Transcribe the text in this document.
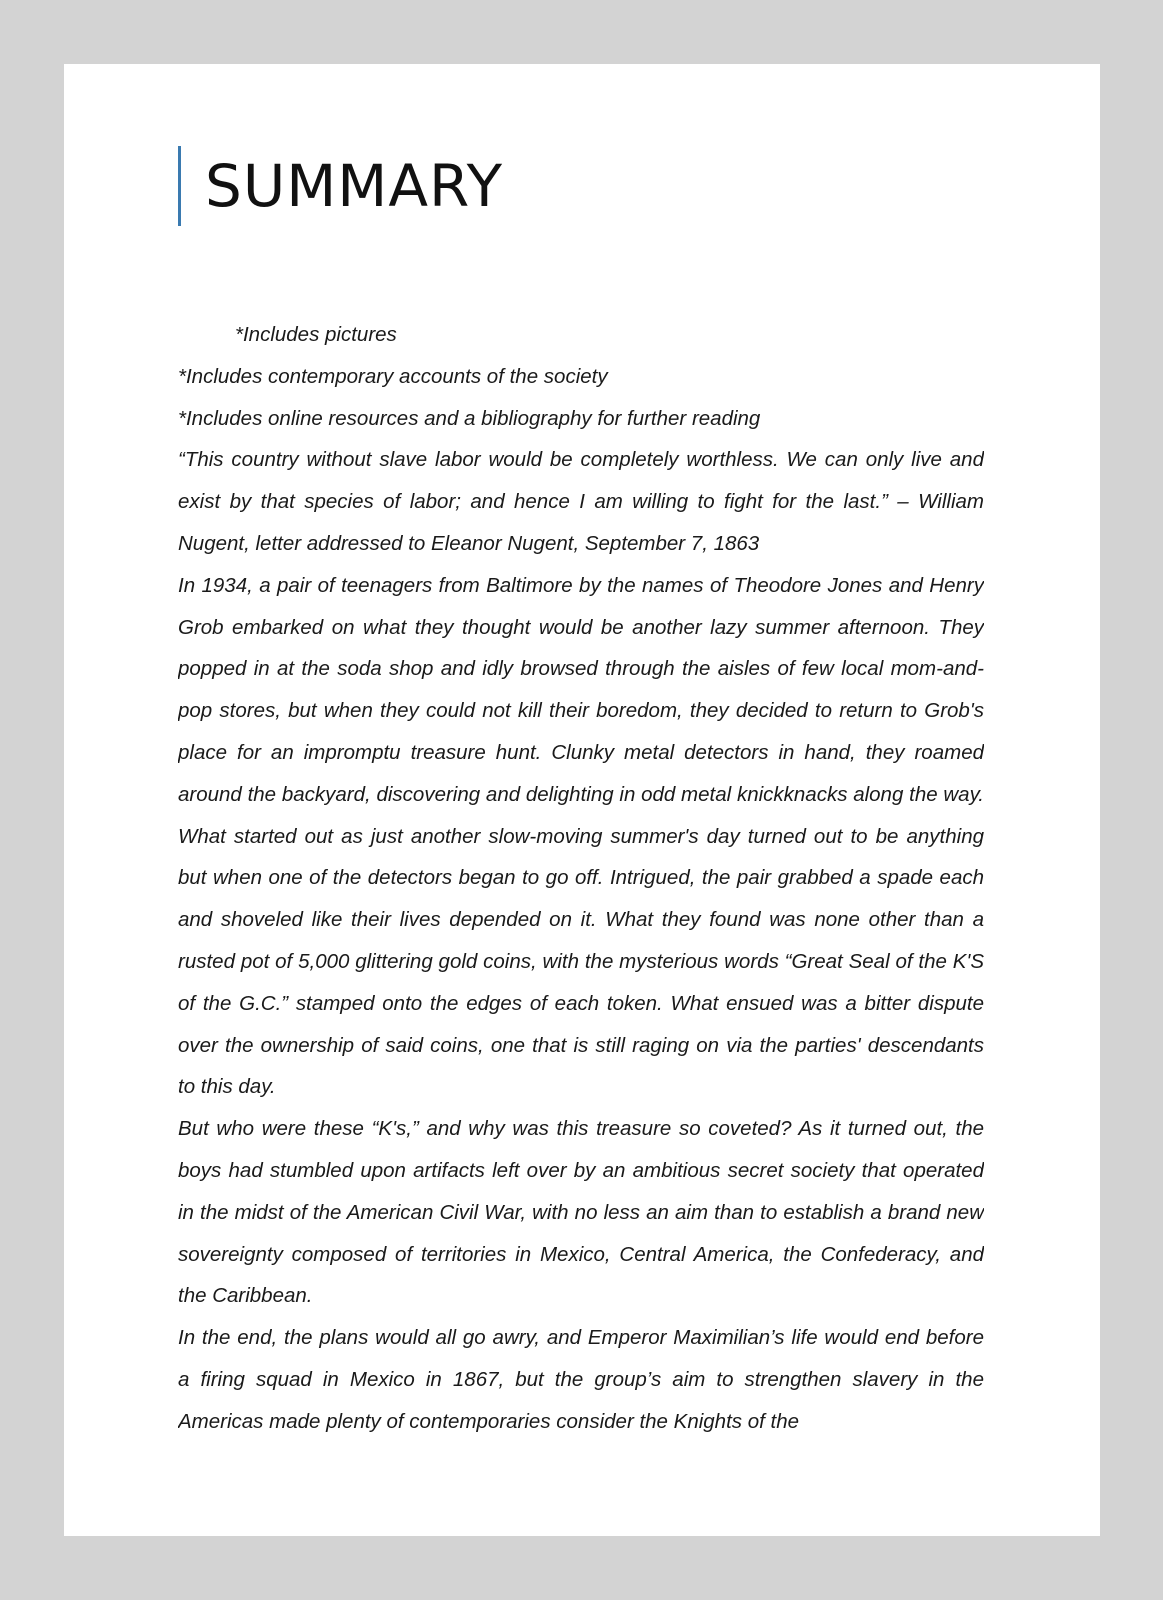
SUMMARY

*Includes pictures

*Includes contemporary accounts of the society

*Includes online resources and a bibliography for further reading

“This country without slave labor would be completely worthless. We can only live and exist by that species of labor; and hence I am willing to fight for the last.” – William Nugent, letter addressed to Eleanor Nugent, September 7, 1863

In 1934, a pair of teenagers from Baltimore by the names of Theodore Jones and Henry Grob embarked on what they thought would be another lazy summer afternoon. They popped in at the soda shop and idly browsed through the aisles of few local mom-and-pop stores, but when they could not kill their boredom, they decided to return to Grob's place for an impromptu treasure hunt. Clunky metal detectors in hand, they roamed around the backyard, discovering and delighting in odd metal knickknacks along the way. What started out as just another slow-moving summer's day turned out to be anything but when one of the detectors began to go off. Intrigued, the pair grabbed a spade each and shoveled like their lives depended on it. What they found was none other than a rusted pot of 5,000 glittering gold coins, with the mysterious words “Great Seal of the K'S of the G.C.” stamped onto the edges of each token. What ensued was a bitter dispute over the ownership of said coins, one that is still raging on via the parties' descendants to this day.

But who were these “K's,” and why was this treasure so coveted? As it turned out, the boys had stumbled upon artifacts left over by an ambitious secret society that operated in the midst of the American Civil War, with no less an aim than to establish a brand new sovereignty composed of territories in Mexico, Central America, the Confederacy, and the Caribbean.

In the end, the plans would all go awry, and Emperor Maximilian’s life would end before a firing squad in Mexico in 1867, but the group’s aim to strengthen slavery in the Americas made plenty of contemporaries consider the Knights of the
